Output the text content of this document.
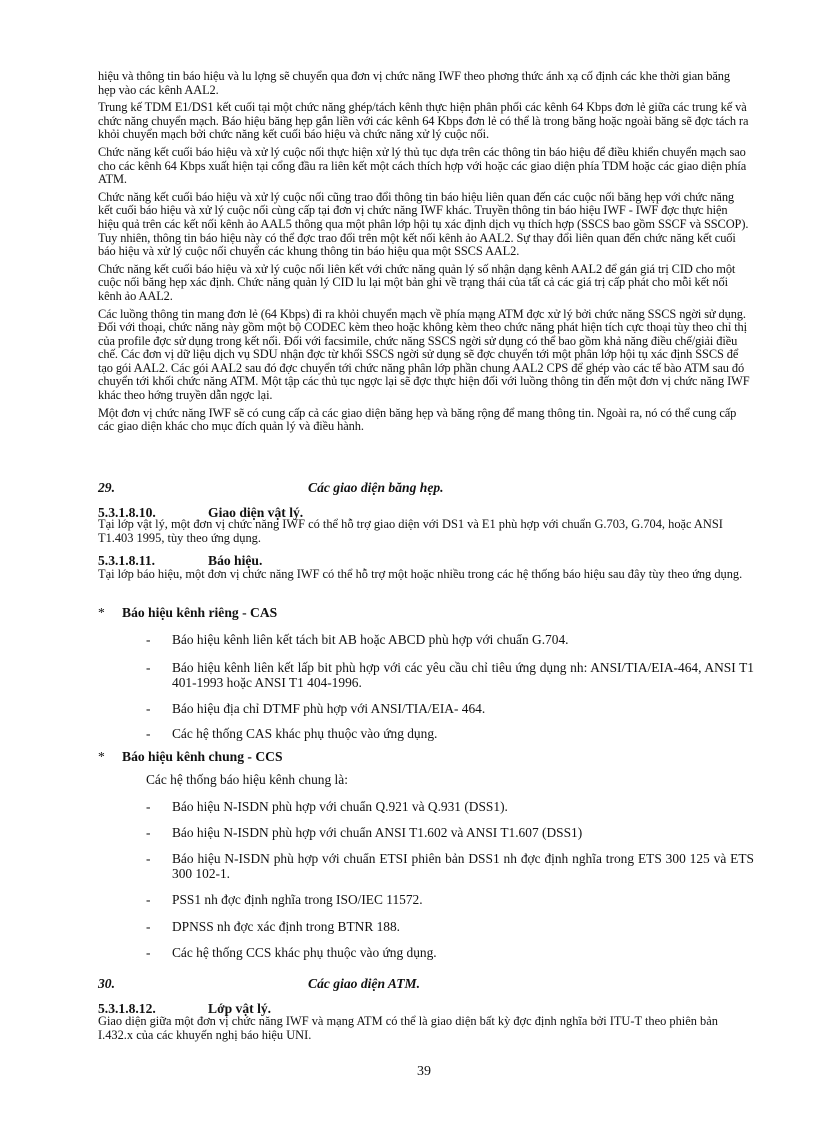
hiệu và thông tin báo hiệu và lu lợng sẽ chuyển qua đơn vị chức năng IWF theo phơng thức ánh xạ cố định các khe thời gian băng hẹp vào các kênh AAL2.

Trung kế TDM E1/DS1 kết cuối tại một chức năng ghép/tách kênh thực hiện phân phối các kênh 64 Kbps đơn lẻ giữa các trung kế và chức năng chuyển mạch. Báo hiệu băng hẹp gắn liền với các kênh 64 Kbps đơn lẻ có thể là trong băng hoặc ngoài băng sẽ đợc tách ra khỏi chuyển mạch bởi chức năng kết cuối báo hiệu và chức năng xử lý cuộc nối.

Chức năng kết cuối báo hiệu và xử lý cuộc nối thực hiện xử lý thủ tục dựa trên các thông tin báo hiệu để điều khiển chuyển mạch sao cho các kênh 64 Kbps xuất hiện tại cổng đầu ra liên kết một cách thích hợp với hoặc các giao diện phía TDM hoặc các giao diện phía ATM.

Chức năng kết cuối báo hiệu và xử lý cuộc nối cũng trao đổi thông tin báo hiệu liên quan đến các cuộc nối băng hẹp với chức năng kết cuối báo hiệu và xử lý cuộc nối cùng cấp tại đơn vị chức năng IWF khác. Truyền thông tin báo hiệu IWF - IWF đợc thực hiện hiệu quả trên các kết nối kênh ảo AAL5 thông qua một phân lớp hội tụ xác định dịch vụ thích hợp (SSCS bao gồm SSCF và SSCOP). Tuy nhiên, thông tin báo hiệu này có thể đợc trao đổi trên một kết nối kênh ảo AAL2. Sự thay đổi liên quan đến chức năng kết cuối báo hiệu và xử lý cuộc nối chuyển các khung thông tin báo hiệu qua một SSCS AAL2.

Chức năng kết cuối báo hiệu và xử lý cuộc nối liên kết với chức năng quản lý số nhận dạng kênh AAL2 để gán giá trị CID cho một cuộc nối băng hẹp xác định. Chức năng quản lý CID lu lại một bản ghi về trạng thái của tất cả các giá trị cấp phát cho mỗi kết nối kênh ảo AAL2.

Các luồng thông tin mang đơn lẻ (64 Kbps) đi ra khỏi chuyển mạch về phía mạng ATM đợc xử lý bởi chức năng SSCS ngời sử dụng. Đối với thoại, chức năng này gồm một bộ CODEC kèm theo hoặc không kèm theo chức năng phát hiện tích cực thoại tùy theo chỉ thị của profile đợc sử dụng trong kết nối. Đối với facsimile, chức năng SSCS ngời sử dụng có thể bao gồm khả năng điều chế/giải điều chế. Các đơn vị dữ liệu dịch vụ SDU nhận đợc từ khối SSCS ngời sử dụng sẽ đợc chuyển tới một phân lớp hội tụ xác định SSCS để tạo gói AAL2. Các gói AAL2 sau đó đợc chuyển tới chức năng phân lớp phần chung AAL2 CPS để ghép vào các tế bào ATM sau đó chuyển tới khối chức năng ATM. Một tập các thủ tục ngợc lại sẽ đợc thực hiện đối với luồng thông tin đến một đơn vị chức năng IWF khác theo hớng truyền dẫn ngợc lại.

Một đơn vị chức năng IWF sẽ có cung cấp cả các giao diện băng hẹp và băng rộng để mang thông tin. Ngoài ra, nó có thể cung cấp các giao diện khác cho mục đích quản lý và điều hành.

29.	Các giao diện băng hẹp.
5.3.1.8.10.	Giao diện vật lý.

Tại lớp vật lý, một đơn vị chức năng IWF có thể hỗ trợ giao diện với DS1 và E1 phù hợp với chuẩn G.703, G.704, hoặc ANSI T1.403 1995, tùy theo ứng dụng.

5.3.1.8.11.	Báo hiệu.

Tại lớp báo hiệu, một đơn vị chức năng IWF có thể hỗ trợ một hoặc nhiều trong các hệ thống báo hiệu sau đây tùy theo ứng dụng.

* Báo hiệu kênh riêng - CAS
- Báo hiệu kênh liên kết tách bit AB hoặc ABCD phù hợp với chuẩn G.704.
- Báo hiệu kênh liên kết lấp bit phù hợp với các yêu cầu chỉ tiêu ứng dụng nh: ANSI/TIA/EIA-464, ANSI T1 401-1993 hoặc ANSI T1 404-1996.
- Báo hiệu địa chỉ DTMF phù hợp với ANSI/TIA/EIA- 464.
- Các hệ thống CAS khác phụ thuộc vào ứng dụng.
* Báo hiệu kênh chung - CCS
Các hệ thống báo hiệu kênh chung là:
- Báo hiệu N-ISDN phù hợp với chuẩn Q.921 và Q.931 (DSS1).
- Báo hiệu N-ISDN phù hợp với chuẩn ANSI T1.602 và ANSI T1.607 (DSS1)
- Báo hiệu N-ISDN phù hợp với chuẩn ETSI phiên bản DSS1 nh đợc định nghĩa trong ETS 300 125 và ETS 300 102-1.
- PSS1 nh đợc định nghĩa trong ISO/IEC 11572.
- DPNSS nh đợc xác định trong BTNR 188.
- Các hệ thống CCS khác phụ thuộc vào ứng dụng.
30.	Các giao diện ATM.
5.3.1.8.12.	Lớp vật lý.

Giao diện giữa một đơn vị chức năng IWF và mạng ATM có thể là giao diện bất kỳ đợc định nghĩa bởi ITU-T theo phiên bản I.432.x của các khuyến nghị báo hiệu UNI.

39
